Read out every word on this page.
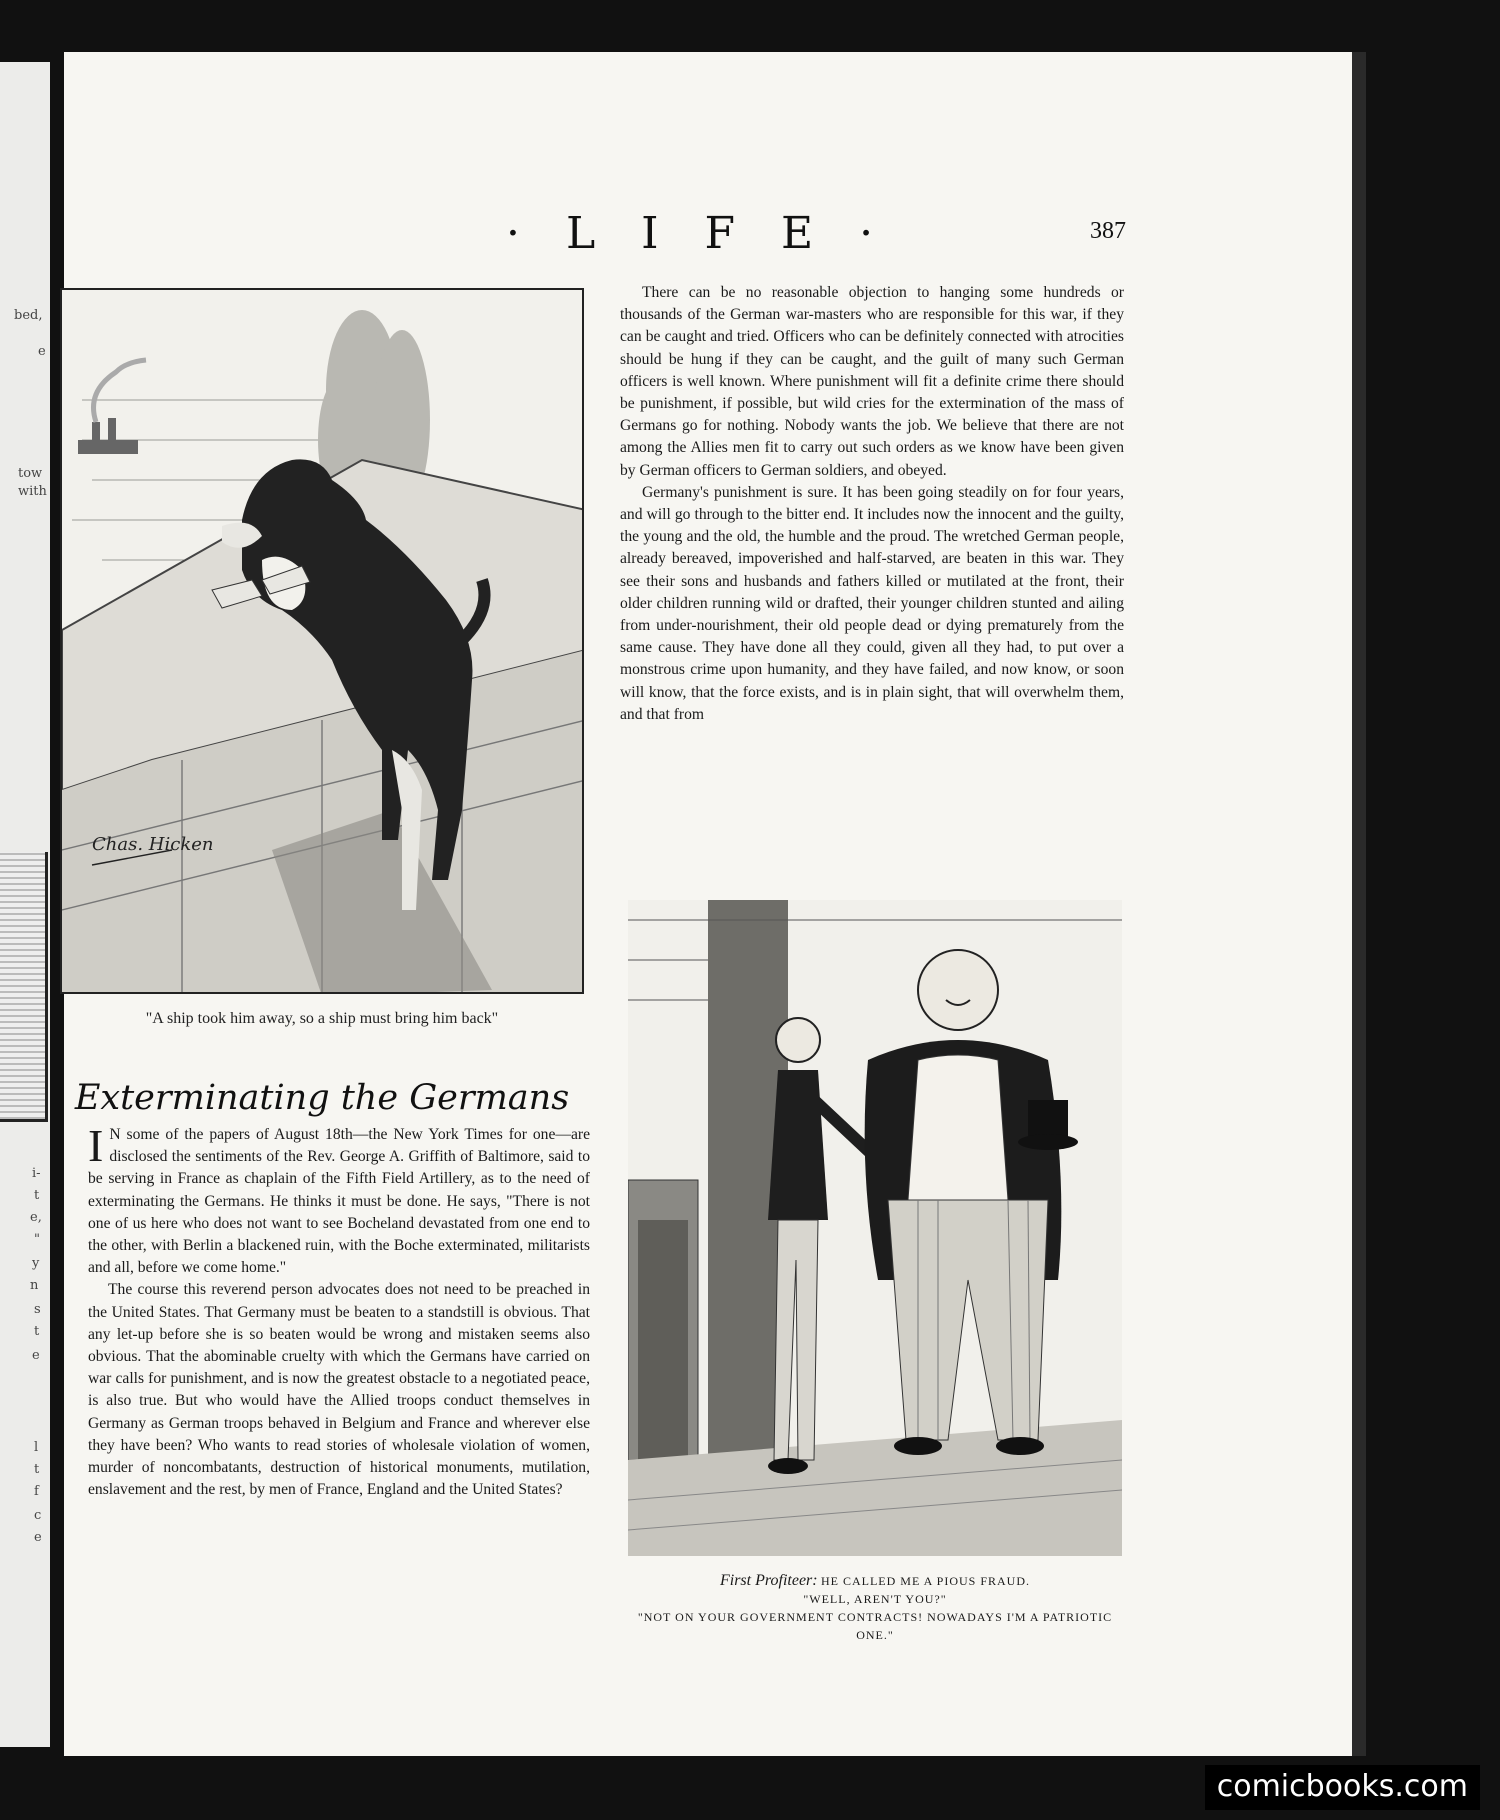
bed,
e
tow
with
i-
t
e,
"
y
n
s
t
e
l
t
f
c
e
· L I F E ·	387
Chas. Hicken
"A ship took him away, so a ship must bring him back"
Exterminating the Germans

I N some of the papers of August 18th—the New York Times for one—are disclosed the sentiments of the Rev. George A. Griffith of Baltimore, said to be serving in France as chaplain of the Fifth Field Artillery, as to the need of exterminating the Germans. He thinks it must be done. He says, "There is not one of us here who does not want to see Bocheland devastated from one end to the other, with Berlin a blackened ruin, with the Boche exterminated, militarists and all, before we come home."

The course this reverend person advocates does not need to be preached in the United States. That Germany must be beaten to a standstill is obvious. That any let-up before she is so beaten would be wrong and mistaken seems also obvious. That the abominable cruelty with which the Germans have carried on war calls for punishment, and is now the greatest obstacle to a negotiated peace, is also true. But who would have the Allied troops conduct themselves in Germany as German troops behaved in Belgium and France and wherever else they have been? Who wants to read stories of wholesale violation of women, murder of noncombatants, destruction of historical monuments, mutilation, enslavement and the rest, by men of France, England and the United States?

There can be no reasonable objection to hanging some hundreds or thousands of the German war-masters who are responsible for this war, if they can be caught and tried. Officers who can be definitely connected with atrocities should be hung if they can be caught, and the guilt of many such German officers is well known. Where punishment will fit a definite crime there should be punishment, if possible, but wild cries for the extermination of the mass of Germans go for nothing. Nobody wants the job. We believe that there are not among the Allies men fit to carry out such orders as we know have been given by German officers to German soldiers, and obeyed.

Germany's punishment is sure. It has been going steadily on for four years, and will go through to the bitter end. It includes now the innocent and the guilty, the young and the old, the humble and the proud. The wretched German people, already bereaved, impoverished and half-starved, are beaten in this war. They see their sons and husbands and fathers killed or mutilated at the front, their older children running wild or drafted, their younger children stunted and ailing from under-nourishment, their old people dead or dying prematurely from the same cause. They have done all they could, given all they had, to put over a monstrous crime upon humanity, and they have failed, and now know, or soon will know, that the force exists, and is in plain sight, that will overwhelm them, and that from

First Profiteer: HE CALLED ME A PIOUS FRAUD.
"WELL, AREN'T YOU?"
"NOT ON YOUR GOVERNMENT CONTRACTS! NOWADAYS I'M A PATRIOTIC ONE."
comicbooks.com
